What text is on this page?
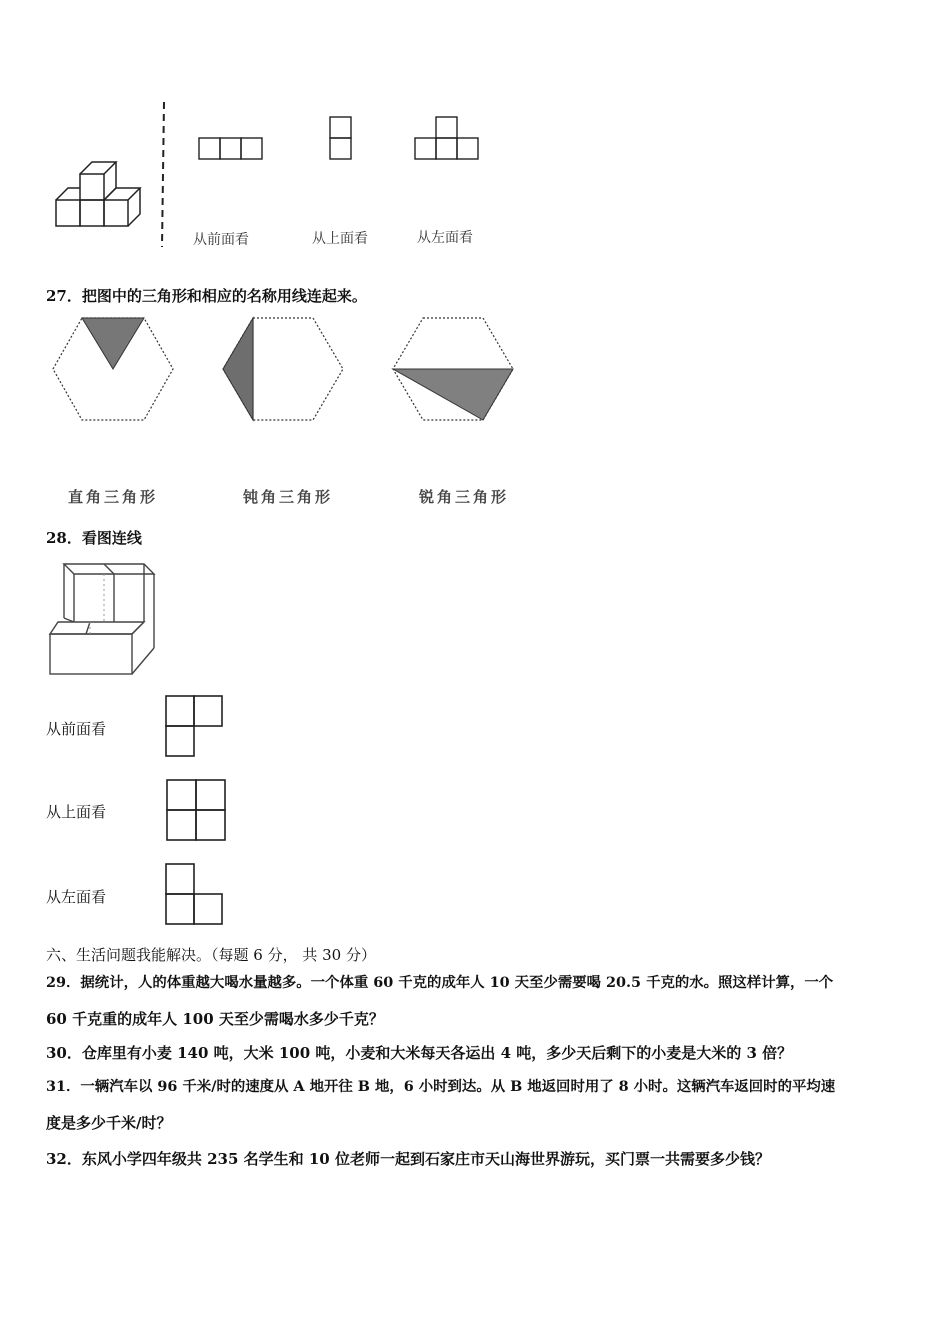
从前面看	从上面看	从左面看
27．把图中的三角形和相应的名称用线连起来。
直角三角形	钝角三角形	锐角三角形
28．看图连线
从前面看
从上面看
从左面看
六、生活问题我能解决。（每题 6 分， 共 30 分）
29．据统计，人的体重越大喝水量越多。一个体重 60 千克的成年人 10 天至少需要喝 20.5 千克的水。照这样计算，一个
60 千克重的成年人 100 天至少需喝水多少千克？
30．仓库里有小麦 140 吨，大米 100 吨，小麦和大米每天各运出 4 吨，多少天后剩下的小麦是大米的 3 倍？
31．一辆汽车以 96 千米/时的速度从 A 地开往 B 地，6 小时到达。从 B 地返回时用了 8 小时。这辆汽车返回时的平均速
度是多少千米/时？
32．东风小学四年级共 235 名学生和 10 位老师一起到石家庄市天山海世界游玩，买门票一共需要多少钱？
